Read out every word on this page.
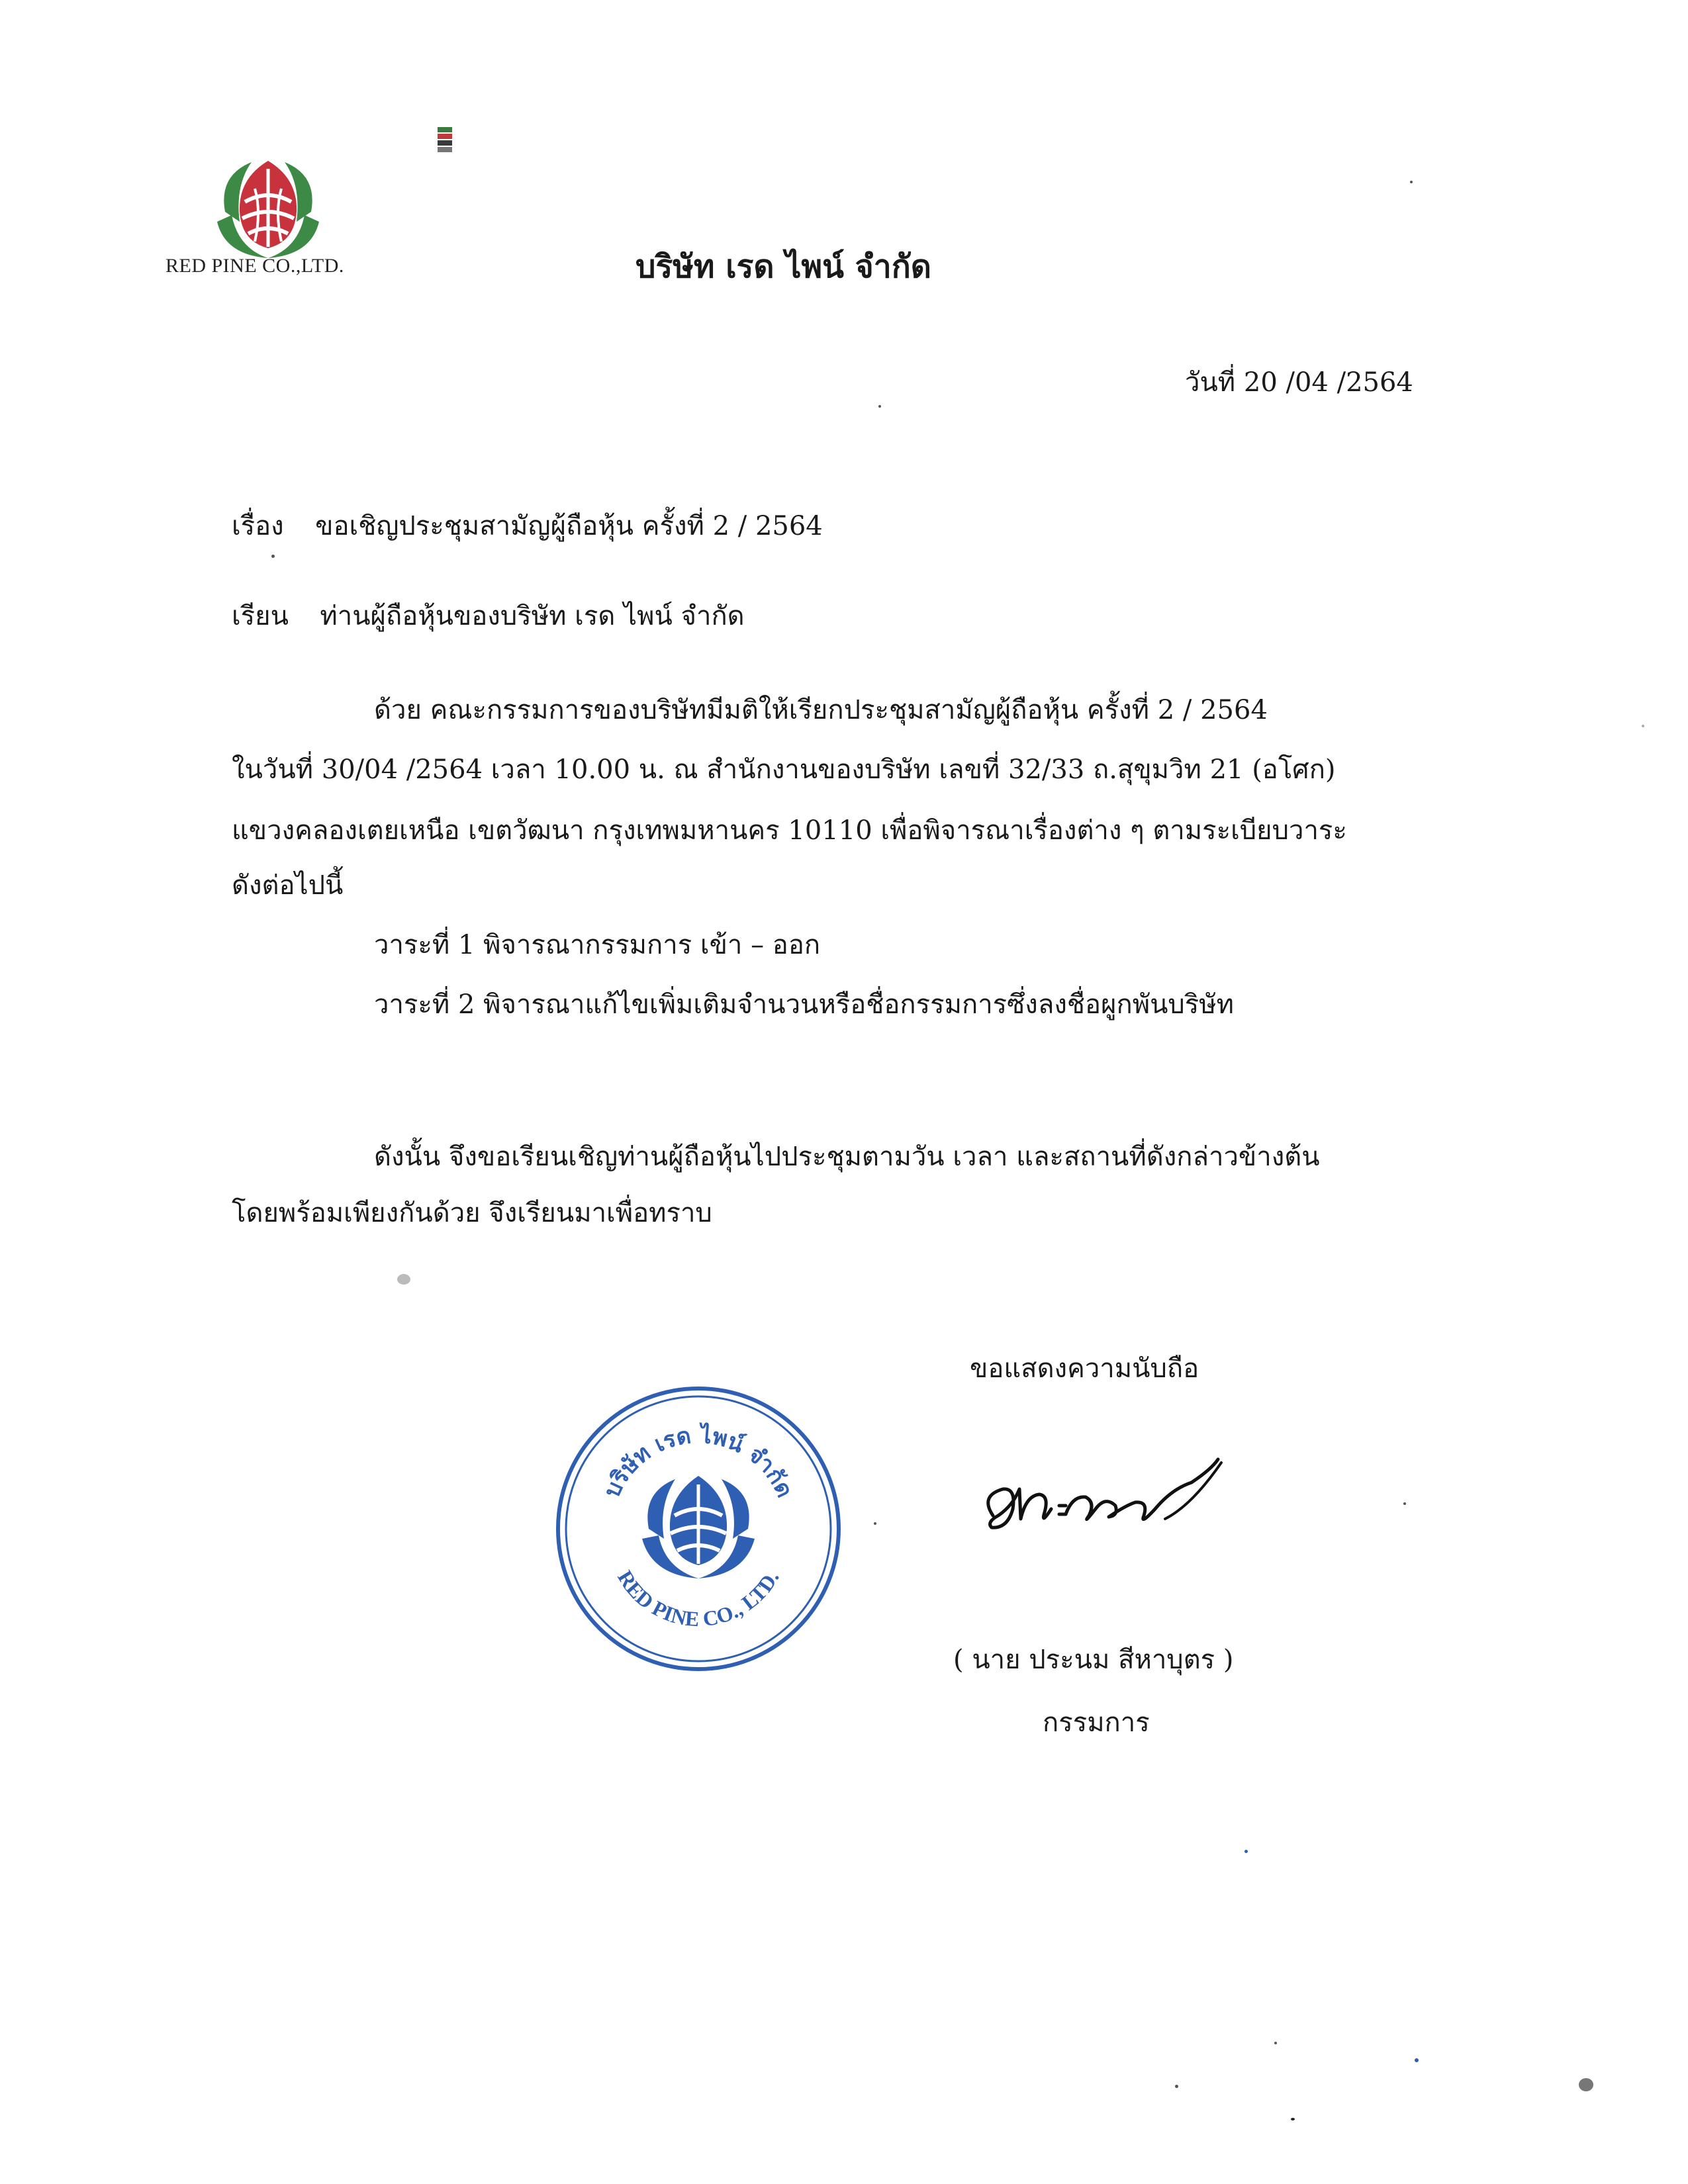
RED PINE CO.,LTD.	บริษัท เรด ไพน์ จำกัด
วันที่ 20 /04 /2564
เรื่อง ขอเชิญประชุมสามัญผู้ถือหุ้น ครั้งที่ 2 / 2564
เรียน ท่านผู้ถือหุ้นของบริษัท เรด ไพน์ จำกัด
ด้วย คณะกรรมการของบริษัทมีมติให้เรียกประชุมสามัญผู้ถือหุ้น ครั้งที่ 2 / 2564
ในวันที่ 30/04 /2564 เวลา 10.00 น. ณ สำนักงานของบริษัท เลขที่ 32/33 ถ.สุขุมวิท 21 (อโศก)
แขวงคลองเตยเหนือ เขตวัฒนา กรุงเทพมหานคร 10110 เพื่อพิจารณาเรื่องต่าง ๆ ตามระเบียบวาระ
ดังต่อไปนี้
วาระที่ 1 พิจารณากรรมการ เข้า – ออก
วาระที่ 2 พิจารณาแก้ไขเพิ่มเติมจำนวนหรือชื่อกรรมการซึ่งลงชื่อผูกพันบริษัท
ดังนั้น จึงขอเรียนเชิญท่านผู้ถือหุ้นไปประชุมตามวัน เวลา และสถานที่ดังกล่าวข้างต้น
โดยพร้อมเพียงกันด้วย จึงเรียนมาเพื่อทราบ
ขอแสดงความนับถือ
บริษัท เรด ไพน์ จำกัด
RED PINE CO., LTD.
( นาย ประนม สีหาบุตร )
กรรมการ
